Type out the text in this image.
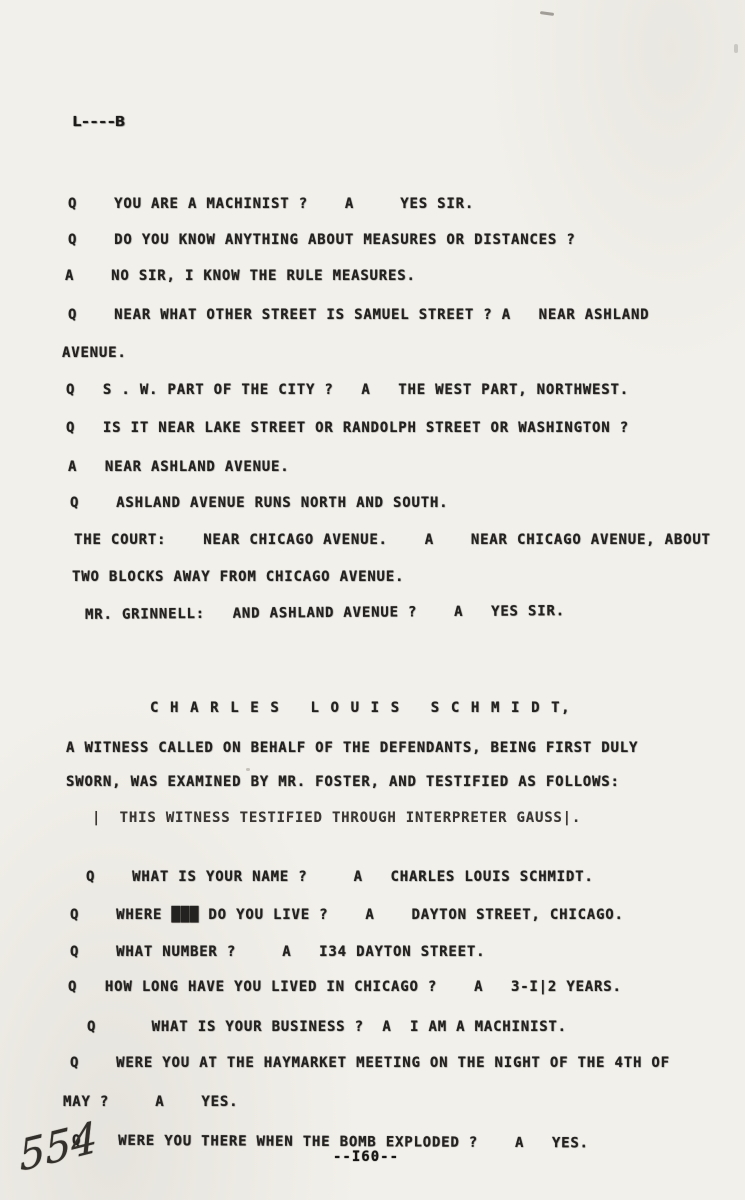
L----B
Q    YOU ARE A MACHINIST ?    A     YES SIR.
Q    DO YOU KNOW ANYTHING ABOUT MEASURES OR DISTANCES ?
A    NO SIR, I KNOW THE RULE MEASURES.
Q    NEAR WHAT OTHER STREET IS SAMUEL STREET ? A   NEAR ASHLAND
AVENUE.
Q   S . W. PART OF THE CITY ?   A   THE WEST PART, NORTHWEST.
Q   IS IT NEAR LAKE STREET OR RANDOLPH STREET OR WASHINGTON ?
A   NEAR ASHLAND AVENUE.
Q    ASHLAND AVENUE RUNS NORTH AND SOUTH.
THE COURT:    NEAR CHICAGO AVENUE.    A    NEAR CHICAGO AVENUE, ABOUT
TWO BLOCKS AWAY FROM CHICAGO AVENUE.
MR. GRINNELL:   AND ASHLAND AVENUE ?    A   YES SIR.
C H A R L E S   L O U I S   S C H M I D T,
A WITNESS CALLED ON BEHALF OF THE DEFENDANTS, BEING FIRST DULY
SWORN, WAS EXAMINED BY MR. FOSTER, AND TESTIFIED AS FOLLOWS:
|  THIS WITNESS TESTIFIED THROUGH INTERPRETER GAUSS|.
Q    WHAT IS YOUR NAME ?     A   CHARLES LOUIS SCHMIDT.
Q    WHERE ███ DO YOU LIVE ?    A    DAYTON STREET, CHICAGO.
Q    WHAT NUMBER ?     A   I34 DAYTON STREET.
Q   HOW LONG HAVE YOU LIVED IN CHICAGO ?    A   3-I|2 YEARS.
Q      WHAT IS YOUR BUSINESS ?  A  I AM A MACHINIST.
Q    WERE YOU AT THE HAYMARKET MEETING ON THE NIGHT OF THE 4TH OF
MAY ?     A    YES.
Q    WERE YOU THERE WHEN THE BOMB EXPLODED ?    A   YES.
--I60--
554
